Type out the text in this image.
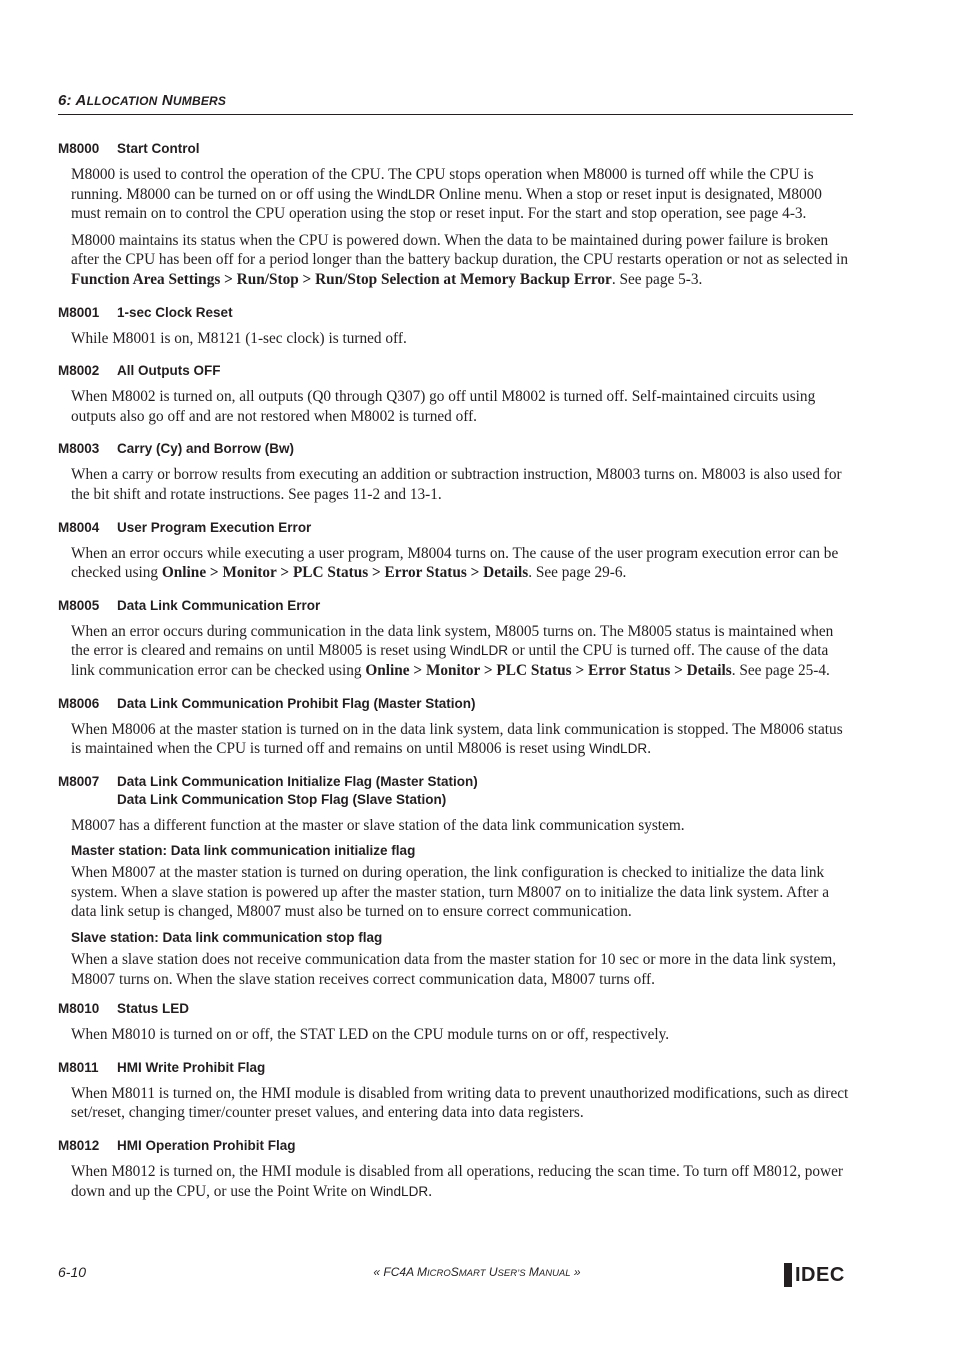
6: ALLOCATION NUMBERS
M8000 Start Control

M8000 is used to control the operation of the CPU. The CPU stops operation when M8000 is turned off while the CPU is running. M8000 can be turned on or off using the WindLDR Online menu. When a stop or reset input is designated, M8000 must remain on to control the CPU operation using the stop or reset input. For the start and stop operation, see page 4-3.

M8000 maintains its status when the CPU is powered down. When the data to be maintained during power failure is broken after the CPU has been off for a period longer than the battery backup duration, the CPU restarts operation or not as selected in Function Area Settings > Run/Stop > Run/Stop Selection at Memory Backup Error. See page 5-3.

M8001 1-sec Clock Reset

While M8001 is on, M8121 (1-sec clock) is turned off.

M8002 All Outputs OFF

When M8002 is turned on, all outputs (Q0 through Q307) go off until M8002 is turned off. Self-maintained circuits using outputs also go off and are not restored when M8002 is turned off.

M8003 Carry (Cy) and Borrow (Bw)

When a carry or borrow results from executing an addition or subtraction instruction, M8003 turns on. M8003 is also used for the bit shift and rotate instructions. See pages 11-2 and 13-1.

M8004 User Program Execution Error

When an error occurs while executing a user program, M8004 turns on. The cause of the user program execution error can be checked using Online > Monitor > PLC Status > Error Status > Details. See page 29-6.

M8005 Data Link Communication Error

When an error occurs during communication in the data link system, M8005 turns on. The M8005 status is maintained when the error is cleared and remains on until M8005 is reset using WindLDR or until the CPU is turned off. The cause of the data link communication error can be checked using Online > Monitor > PLC Status > Error Status > Details. See page 25-4.

M8006 Data Link Communication Prohibit Flag (Master Station)

When M8006 at the master station is turned on in the data link system, data link communication is stopped. The M8006 status is maintained when the CPU is turned off and remains on until M8006 is reset using WindLDR.

M8007 Data Link Communication Initialize Flag (Master Station)
Data Link Communication Stop Flag (Slave Station)

M8007 has a different function at the master or slave station of the data link communication system.

Master station: Data link communication initialize flag

When M8007 at the master station is turned on during operation, the link configuration is checked to initialize the data link system. When a slave station is powered up after the master station, turn M8007 on to initialize the data link system. After a data link setup is changed, M8007 must also be turned on to ensure correct communication.

Slave station: Data link communication stop flag

When a slave station does not receive communication data from the master station for 10 sec or more in the data link system, M8007 turns on. When the slave station receives correct communication data, M8007 turns off.

M8010 Status LED

When M8010 is turned on or off, the STAT LED on the CPU module turns on or off, respectively.

M8011 HMI Write Prohibit Flag

When M8011 is turned on, the HMI module is disabled from writing data to prevent unauthorized modifications, such as direct set/reset, changing timer/counter preset values, and entering data into data registers.

M8012 HMI Operation Prohibit Flag

When M8012 is turned on, the HMI module is disabled from all operations, reducing the scan time. To turn off M8012, power down and up the CPU, or use the Point Write on WindLDR.

6-10	« FC4A MICROSMART USER’S MANUAL »	IDEC
